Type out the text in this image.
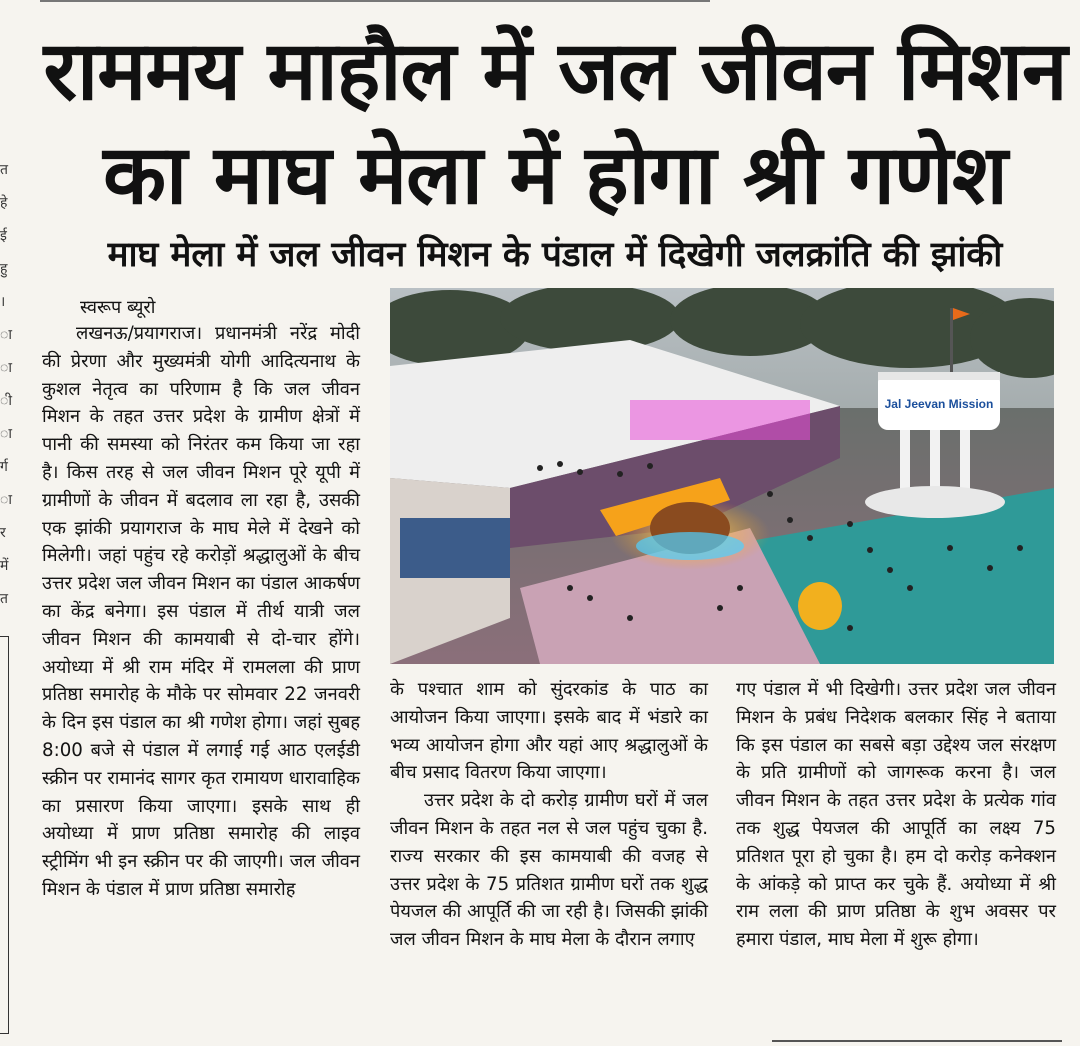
त
हे
ई
हु
।
ा
ा
ी
ा
र्ग
ा
र
में
त
राममय माहौल में जल जीवन मिशन
का माघ मेला में होगा श्री गणेश
माघ मेला में जल जीवन मिशन के पंडाल में दिखेगी जलक्रांति की झांकी

स्वरूप ब्यूरो

लखनऊ/प्रयागराज। प्रधानमंत्री नरेंद्र मोदी की प्रेरणा और मुख्यमंत्री योगी आदित्यनाथ के कुशल नेतृत्व का परिणाम है कि जल जीवन मिशन के तहत उत्तर प्रदेश के ग्रामीण क्षेत्रों में पानी की समस्या को निरंतर कम किया जा रहा है। किस तरह से जल जीवन मिशन पूरे यूपी में ग्रामीणों के जीवन में बदलाव ला रहा है, उसकी एक झांकी प्रयागराज के माघ मेले में देखने को मिलेगी। जहां पहुंच रहे करोड़ों श्रद्धालुओं के बीच उत्तर प्रदेश जल जीवन मिशन का पंडाल आकर्षण का केंद्र बनेगा। इस पंडाल में तीर्थ यात्री जल जीवन मिशन की कामयाबी से दो-चार होंगे। अयोध्या में श्री राम मंदिर में रामलला की प्राण प्रतिष्ठा समारोह के मौके पर सोमवार 22 जनवरी के दिन इस पंडाल का श्री गणेश होगा। जहां सुबह 8:00 बजे से पंडाल में लगाई गई आठ एलईडी स्क्रीन पर रामानंद सागर कृत रामायण धारावाहिक का प्रसारण किया जाएगा। इसके साथ ही अयोध्या में प्राण प्रतिष्ठा समारोह की लाइव स्ट्रीमिंग भी इन स्क्रीन पर की जाएगी। जल जीवन मिशन के पंडाल में प्राण प्रतिष्ठा समारोह

Jal Jeevan Mission

के पश्चात शाम को सुंदरकांड के पाठ का आयोजन किया जाएगा। इसके बाद में भंडारे का भव्य आयोजन होगा और यहां आए श्रद्धालुओं के बीच प्रसाद वितरण किया जाएगा।

उत्तर प्रदेश के दो करोड़ ग्रामीण घरों में जल जीवन मिशन के तहत नल से जल पहुंच चुका है. राज्य सरकार की इस कामयाबी की वजह से उत्तर प्रदेश के 75 प्रतिशत ग्रामीण घरों तक शुद्ध पेयजल की आपूर्ति की जा रही है। जिसकी झांकी जल जीवन मिशन के माघ मेला के दौरान लगाए

गए पंडाल में भी दिखेगी। उत्तर प्रदेश जल जीवन मिशन के प्रबंध निदेशक बलकार सिंह ने बताया कि इस पंडाल का सबसे बड़ा उद्देश्य जल संरक्षण के प्रति ग्रामीणों को जागरूक करना है। जल जीवन मिशन के तहत उत्तर प्रदेश के प्रत्येक गांव तक शुद्ध पेयजल की आपूर्ति का लक्ष्य 75 प्रतिशत पूरा हो चुका है। हम दो करोड़ कनेक्शन के आंकड़े को प्राप्त कर चुके हैं. अयोध्या में श्री राम लला की प्राण प्रतिष्ठा के शुभ अवसर पर हमारा पंडाल, माघ मेला में शुरू होगा।
